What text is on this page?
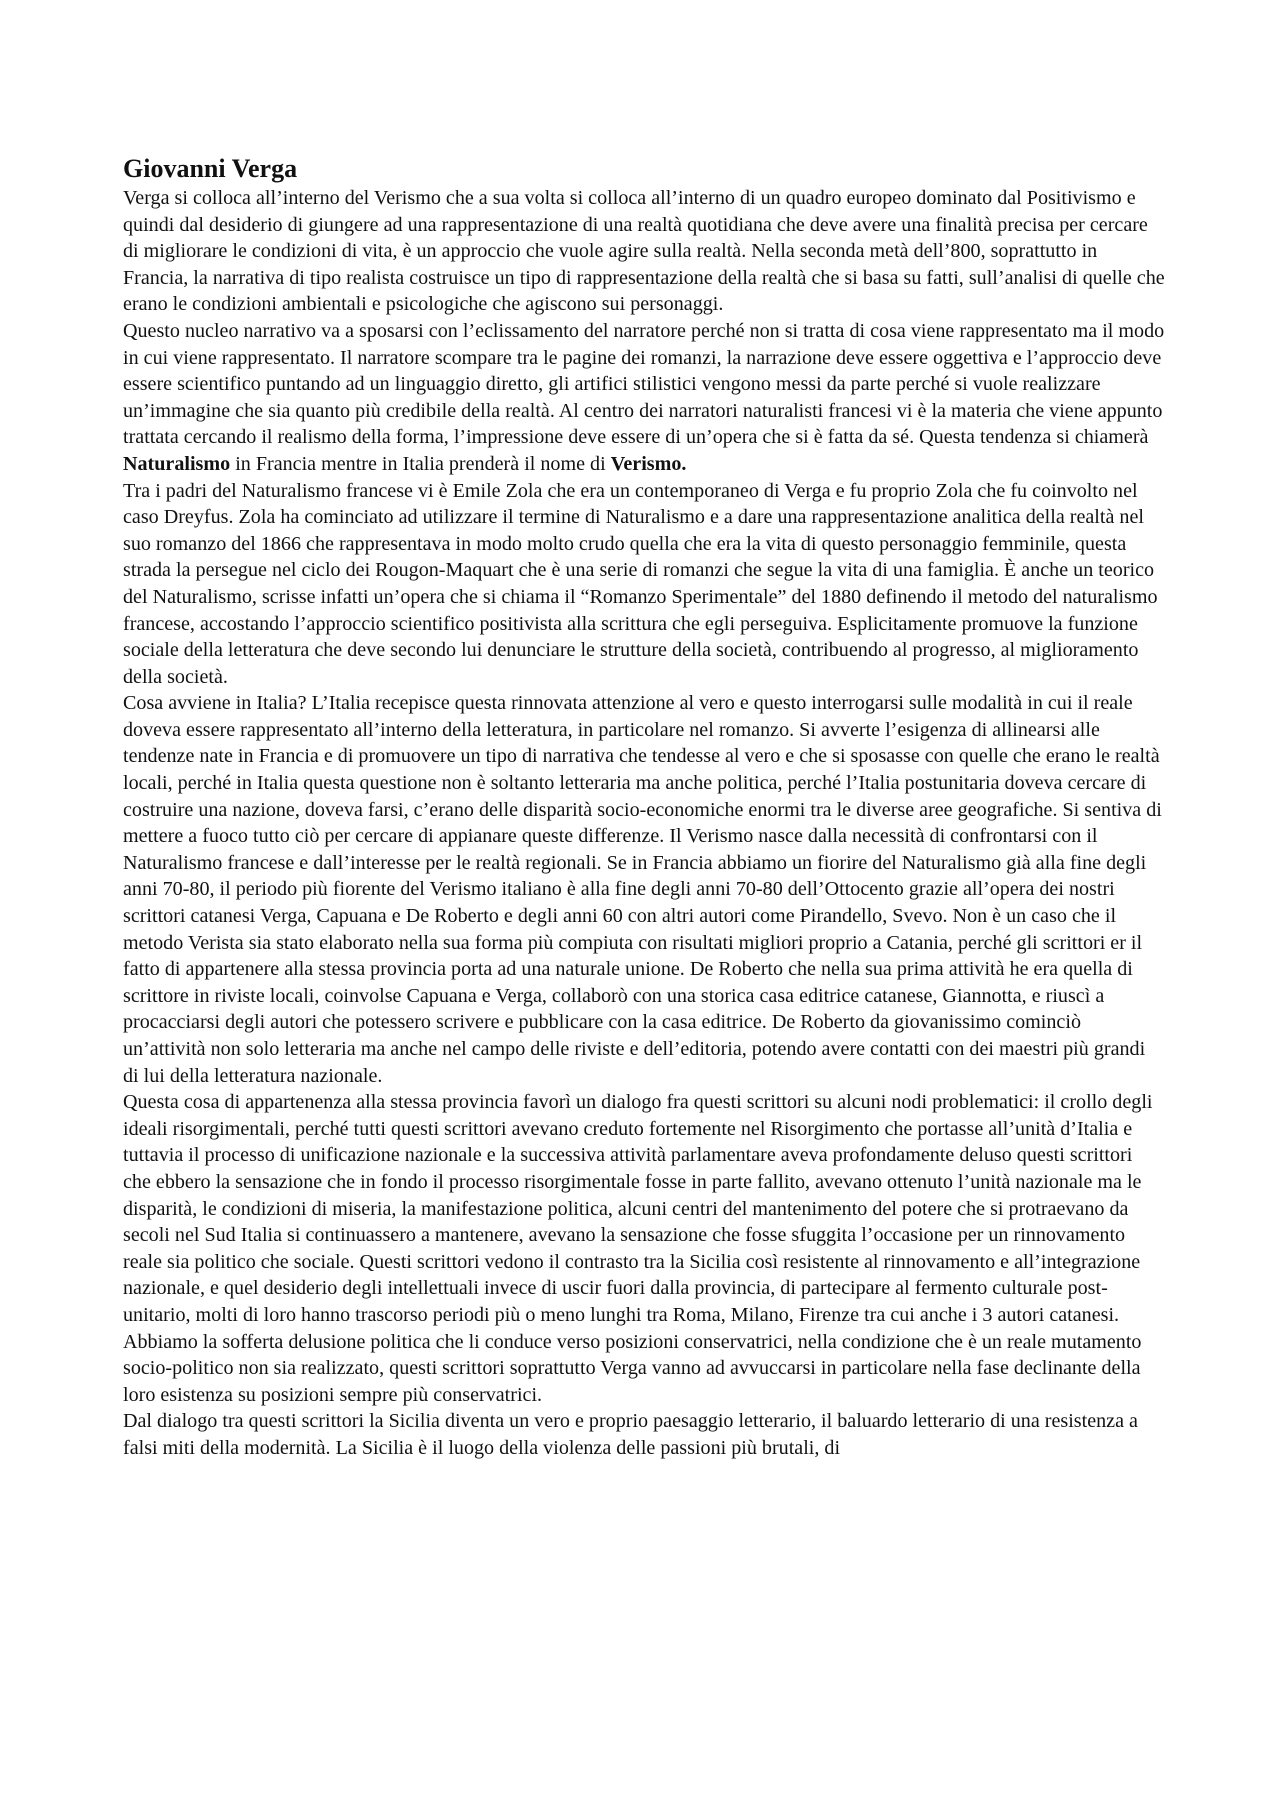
Giovanni Verga

Verga si colloca all’interno del Verismo che a sua volta si colloca all’interno di un quadro europeo dominato dal Positivismo e quindi dal desiderio di giungere ad una rappresentazione di una realtà quotidiana che deve avere una finalità precisa per cercare di migliorare le condizioni di vita, è un approccio che vuole agire sulla realtà. Nella seconda metà dell’800, soprattutto in Francia, la narrativa di tipo realista costruisce un tipo di rappresentazione della realtà che si basa su fatti, sull’analisi di quelle che erano le condizioni ambientali e psicologiche che agiscono sui personaggi.

Questo nucleo narrativo va a sposarsi con l’eclissamento del narratore perché non si tratta di cosa viene rappresentato ma il modo in cui viene rappresentato. Il narratore scompare tra le pagine dei romanzi, la narrazione deve essere oggettiva e l’approccio deve essere scientifico puntando ad un linguaggio diretto, gli artifici stilistici vengono messi da parte perché si vuole realizzare un’immagine che sia quanto più credibile della realtà. Al centro dei narratori naturalisti francesi vi è la materia che viene appunto trattata cercando il realismo della forma, l’impressione deve essere di un’opera che si è fatta da sé. Questa tendenza si chiamerà Naturalismo in Francia mentre in Italia prenderà il nome di Verismo.

Tra i padri del Naturalismo francese vi è Emile Zola che era un contemporaneo di Verga e fu proprio Zola che fu coinvolto nel caso Dreyfus. Zola ha cominciato ad utilizzare il termine di Naturalismo e a dare una rappresentazione analitica della realtà nel suo romanzo del 1866 che rappresentava in modo molto crudo quella che era la vita di questo personaggio femminile, questa strada la persegue nel ciclo dei Rougon-Maquart che è una serie di romanzi che segue la vita di una famiglia. È anche un teorico del Naturalismo, scrisse infatti un’opera che si chiama il “Romanzo Sperimentale” del 1880 definendo il metodo del naturalismo francese, accostando l’approccio scientifico positivista alla scrittura che egli perseguiva. Esplicitamente promuove la funzione sociale della letteratura che deve secondo lui denunciare le strutture della società, contribuendo al progresso, al miglioramento della società.

Cosa avviene in Italia? L’Italia recepisce questa rinnovata attenzione al vero e questo interrogarsi sulle modalità in cui il reale doveva essere rappresentato all’interno della letteratura, in particolare nel romanzo. Si avverte l’esigenza di allinearsi alle tendenze nate in Francia e di promuovere un tipo di narrativa che tendesse al vero e che si sposasse con quelle che erano le realtà locali, perché in Italia questa questione non è soltanto letteraria ma anche politica, perché l’Italia postunitaria doveva cercare di costruire una nazione, doveva farsi, c’erano delle disparità socio-economiche enormi tra le diverse aree geografiche. Si sentiva di mettere a fuoco tutto ciò per cercare di appianare queste differenze. Il Verismo nasce dalla necessità di confrontarsi con il Naturalismo francese e dall’interesse per le realtà regionali. Se in Francia abbiamo un fiorire del Naturalismo già alla fine degli anni 70-80, il periodo più fiorente del Verismo italiano è alla fine degli anni 70-80 dell’Ottocento grazie all’opera dei nostri scrittori catanesi Verga, Capuana e De Roberto e degli anni 60 con altri autori come Pirandello, Svevo. Non è un caso che il metodo Verista sia stato elaborato nella sua forma più compiuta con risultati migliori proprio a Catania, perché gli scrittori er il fatto di appartenere alla stessa provincia porta ad una naturale unione. De Roberto che nella sua prima attività he era quella di scrittore in riviste locali, coinvolse Capuana e Verga, collaborò con una storica casa editrice catanese, Giannotta, e riuscì a procacciarsi degli autori che potessero scrivere e pubblicare con la casa editrice. De Roberto da giovanissimo cominciò un’attività non solo letteraria ma anche nel campo delle riviste e dell’editoria, potendo avere contatti con dei maestri più grandi di lui della letteratura nazionale.

Questa cosa di appartenenza alla stessa provincia favorì un dialogo fra questi scrittori su alcuni nodi problematici: il crollo degli ideali risorgimentali, perché tutti questi scrittori avevano creduto fortemente nel Risorgimento che portasse all’unità d’Italia e tuttavia il processo di unificazione nazionale e la successiva attività parlamentare aveva profondamente deluso questi scrittori che ebbero la sensazione che in fondo il processo risorgimentale fosse in parte fallito, avevano ottenuto l’unità nazionale ma le disparità, le condizioni di miseria, la manifestazione politica, alcuni centri del mantenimento del potere che si protraevano da secoli nel Sud Italia si continuassero a mantenere, avevano la sensazione che fosse sfuggita l’occasione per un rinnovamento reale sia politico che sociale. Questi scrittori vedono il contrasto tra la Sicilia così resistente al rinnovamento e all’integrazione nazionale, e quel desiderio degli intellettuali invece di uscir fuori dalla provincia, di partecipare al fermento culturale post-unitario, molti di loro hanno trascorso periodi più o meno lunghi tra Roma, Milano, Firenze tra cui anche i 3 autori catanesi. Abbiamo la sofferta delusione politica che li conduce verso posizioni conservatrici, nella condizione che è un reale mutamento socio-politico non sia realizzato, questi scrittori soprattutto Verga vanno ad avvuccarsi in particolare nella fase declinante della loro esistenza su posizioni sempre più conservatrici.

Dal dialogo tra questi scrittori la Sicilia diventa un vero e proprio paesaggio letterario, il baluardo letterario di una resistenza a falsi miti della modernità. La Sicilia è il luogo della violenza delle passioni più brutali, di
